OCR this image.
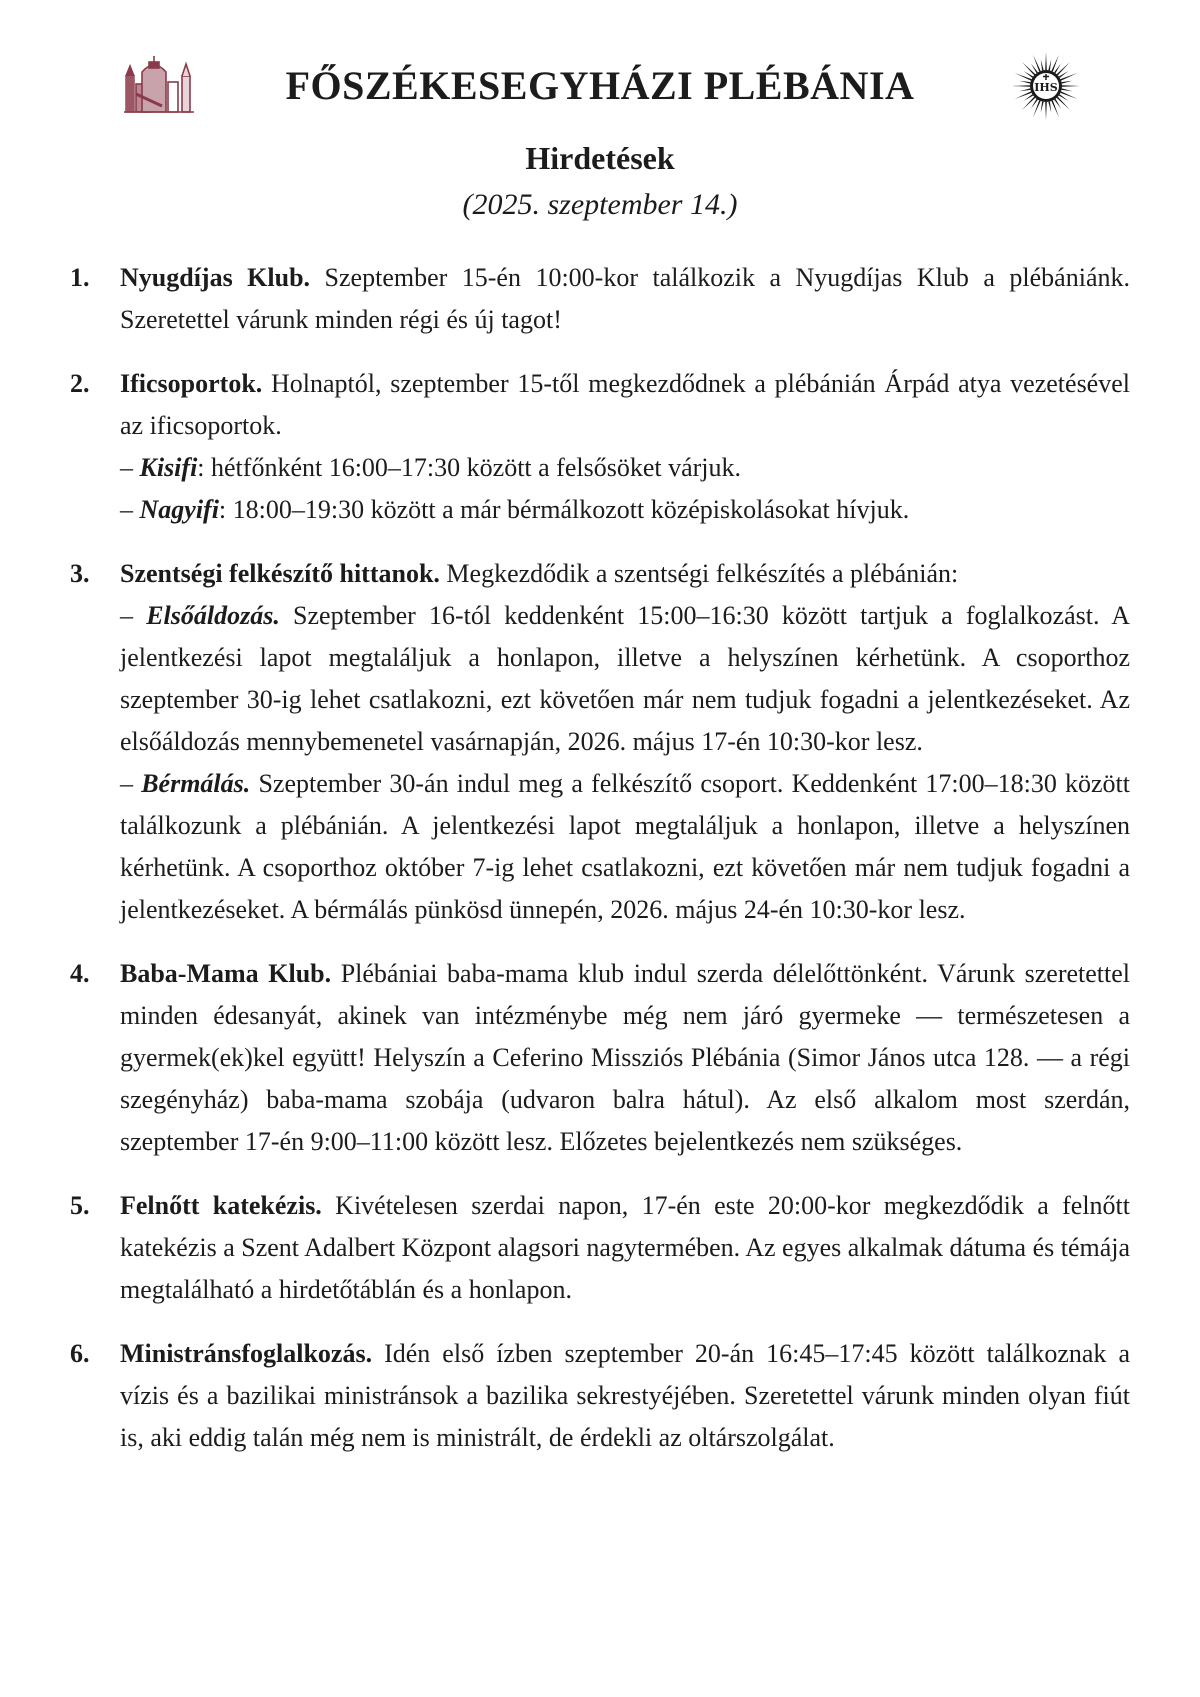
FŐSZÉKESEGYHÁZI PLÉBÁNIA	IHS
Hirdetések
(2025. szeptember 14.)
1. Nyugdíjas Klub. Szeptember 15-én 10:00-kor találkozik a Nyugdíjas Klub a plébániánk. Szeretettel várunk minden régi és új tagot!

2. Ificsoportok. Holnaptól, szeptember 15-től megkezdődnek a plébánián Árpád atya vezetésével az ificsoportok.

– Kisifi: hétfőnként 16:00–17:30 között a felsősöket várjuk.

– Nagyifi: 18:00–19:30 között a már bérmálkozott középiskolásokat hívjuk.

3. Szentségi felkészítő hittanok. Megkezdődik a szentségi felkészítés a plébánián:

– Elsőáldozás. Szeptember 16-tól keddenként 15:00–16:30 között tartjuk a foglalkozást. A jelentkezési lapot megtaláljuk a honlapon, illetve a helyszínen kérhetünk. A csoporthoz szeptember 30-ig lehet csatlakozni, ezt követően már nem tudjuk fogadni a jelentkezéseket. Az elsőáldozás mennybemenetel vasárnapján, 2026. május 17-én 10:30-kor lesz.

– Bérmálás. Szeptember 30-án indul meg a felkészítő csoport. Keddenként 17:00–18:30 között találkozunk a plébánián. A jelentkezési lapot megtaláljuk a honlapon, illetve a helyszínen kérhetünk. A csoporthoz október 7-ig lehet csatlakozni, ezt követően már nem tudjuk fogadni a jelentkezéseket. A bérmálás pünkösd ünnepén, 2026. május 24-én 10:30-kor lesz.

4. Baba-Mama Klub. Plébániai baba-mama klub indul szerda délelőttönként. Várunk szeretettel minden édesanyát, akinek van intézménybe még nem járó gyermeke — természetesen a gyermek(ek)kel együtt! Helyszín a Ceferino Missziós Plébánia (Simor János utca 128. — a régi szegényház) baba-mama szobája (udvaron balra hátul). Az első alkalom most szerdán, szeptember 17-én 9:00–11:00 között lesz. Előzetes bejelentkezés nem szükséges.

5. Felnőtt katekézis. Kivételesen szerdai napon, 17-én este 20:00-kor megkezdődik a felnőtt katekézis a Szent Adalbert Központ alagsori nagytermében. Az egyes alkalmak dátuma és témája megtalálható a hirdetőtáblán és a honlapon.

6. Ministránsfoglalkozás. Idén első ízben szeptember 20-án 16:45–17:45 között találkoznak a vízis és a bazilikai ministránsok a bazilika sekrestyéjében. Szeretettel várunk minden olyan fiút is, aki eddig talán még nem is ministrált, de érdekli az oltárszolgálat.
